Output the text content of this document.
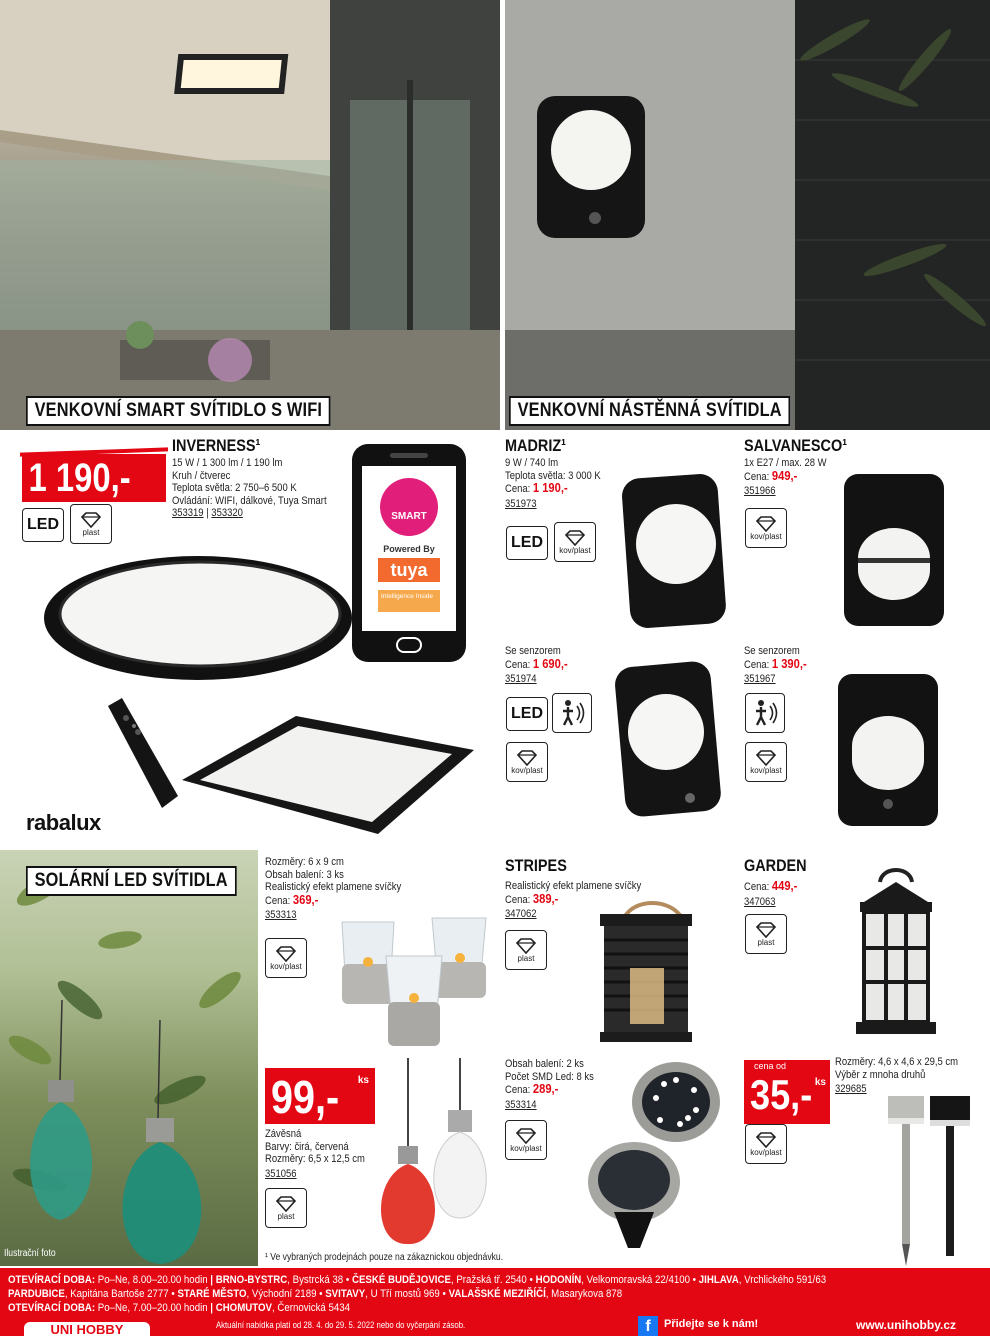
VENKOVNÍ SMART SVÍTIDLO S WIFI	VENKOVNÍ NÁSTĚNNÁ SVÍTIDLA
1 190,-
LED	plast
INVERNESS¹
15 W / 1 300 lm / 1 190 lm
Kruh / čtverec
Teplota světla: 2 750–6 500 K
Ovládání: WIFI, dálkové, Tuya Smart
353319 | 353320	SMART
Powered By
tuya
Intelligence Inside
rabalux
MADRIZ¹
9 W / 740 lm
Teplota světla: 3 000 K
Cena: 1 190,-
351973
LED kov/plast
Se senzorem
Cena: 1 690,-
351974
LED
kov/plast
SALVANESCO¹
1x E27 / max. 28 W
Cena: 949,-
351966
kov/plast
Se senzorem
Cena: 1 390,-
351967
kov/plast
SOLÁRNÍ LED SVÍTIDLA
Ilustrační foto
Rozměry: 6 x 9 cm
Obsah balení: 3 ks
Realistický efekt plamene svíčky
Cena: 369,-
353313
kov/plast
99,- ks
Závěsná
Barvy: čirá, červená
Rozměry: 6,5 x 12,5 cm
351056
plast
¹ Ve vybraných prodejnách pouze na zákaznickou objednávku.
STRIPES
Realistický efekt plamene svíčky
Cena: 389,-
347062
plast
GARDEN
Cena: 449,-
347063
plast
Obsah balení: 2 ks
Počet SMD Led: 8 ks
Cena: 289,-
353314
kov/plast
cena od
35,- ks
Rozměry: 4,6 x 4,6 x 29,5 cm
Výběr z mnoha druhů
329685
kov/plast
OTEVÍRACÍ DOBA: Po–Ne, 8.00–20.00 hodin | BRNO-BYSTRC, Bystrcká 38 • ČESKÉ BUDĚJOVICE, Pražská tř. 2540 • HODONÍN, Velkomoravská 22/4100 • JIHLAVA, Vrchlického 591/63
PARDUBICE, Kapitána Bartoše 2777 • STARÉ MĚSTO, Východní 2189 • SVITAVY, U Tří mostů 969 • VALAŠSKÉ MEZIŘÍČÍ, Masarykova 878
OTEVÍRACÍ DOBA: Po–Ne, 7.00–20.00 hodin | CHOMUTOV, Černovická 5434
UNI HOBBY	Aktuální nabídka platí od 28. 4. do 29. 5. 2022 nebo do vyčerpání zásob.	f	Přidejte se k nám!	www.unihobby.cz
